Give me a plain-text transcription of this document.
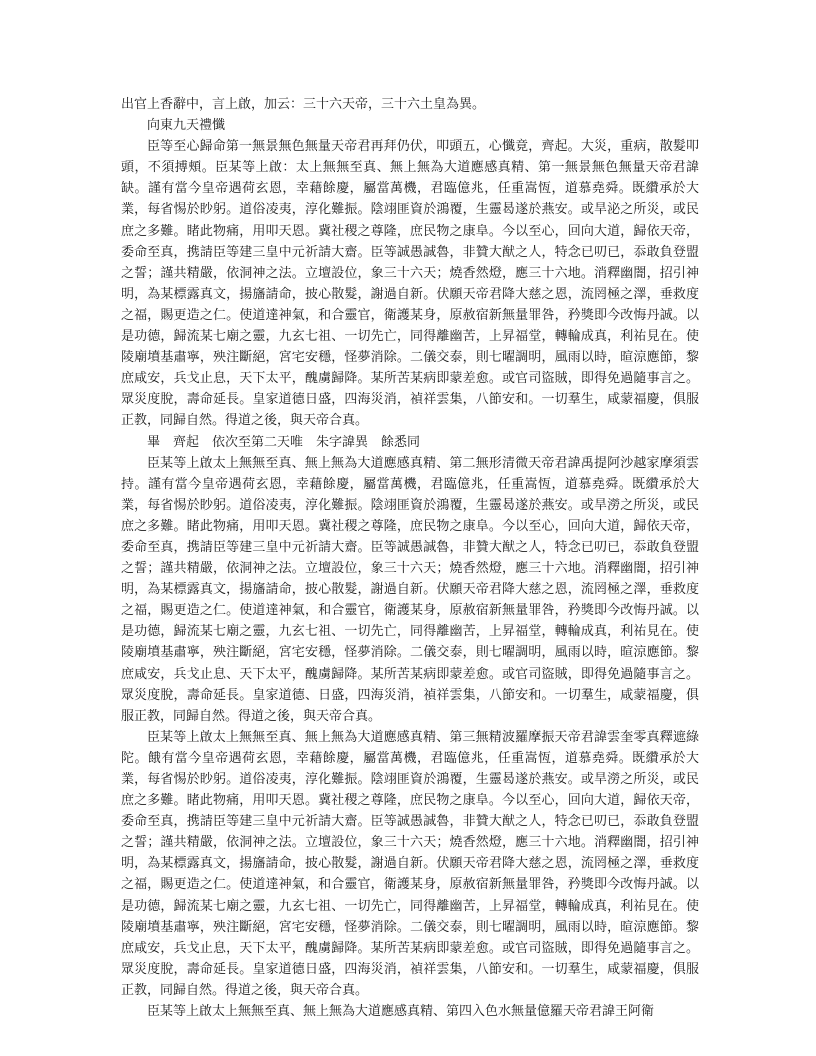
出官上香辭中，言上啟，加云：三十六天帝，三十六土皇為異。

向東九天禮懺

臣等至心歸命第一無景無色無量天帝君再拜仍伏，叩頭五，心懺竟，齊起。大災，重病，散髮叩頭，不須搏頰。臣某等上啟：太上無無至真、無上無為大道應感真精、第一無景無色無量天帝君諱缺。謹有當今皇帝遇荷玄恩，幸藉餘慶，屬當萬機，君臨億兆，任重嵩恆，道慕堯舜。既纘承於大業，每省惕於眇躬。道俗凌夷，淳化難振。陰翊匪資於鴻覆，生靈曷遂於燕安。或旱泌之所災，或民庶之多難。睹此物痛，用叩天恩。冀社稷之尊隆，庶民物之康阜。今以至心，回向大道，歸依天帝，委命至真，携請臣等建三皇中元祈請大齋。臣等誠愚誠魯，非贊大猷之人，特念已叨已，忝敢負登盟之誓；謹共精嚴，依洞神之法。立壇設位，象三十六天；燒香然燈，應三十六地。消釋幽闇，招引神明，為某標露真文，揚旛請命，披心散髮，謝過自新。伏願天帝君降大慈之恩，流罔極之澤，垂救度之福，賜更造之仁。使道達神氣，和合靈官，衛護某身，原赦宿新無量罪咎，矜獎即今改悔丹誠。以是功德，歸流某七廟之靈，九玄七祖、一切先亡，同得離幽苦，上昇福堂，轉輪成真，利祐見在。使陵廟墳基肅寧，殃注斷絕，宮宅安穩，怪夢消除。二儀交泰，則七曜調明，風雨以時，暄涼應節，黎庶咸安，兵戈止息，天下太平，醜虜歸降。某所苦某病即蒙差愈。或官司盜賊，即得免過隨事言之。眾災度脫，壽命延長。皇家道德日盛，四海災消，禎祥雲集，八節安和。一切羣生，咸蒙福慶，俱服正教，同歸自然。得道之後，與天帝合真。

畢　齊起　依次至第二天唯　朱字諱異　餘悉同

臣某等上啟太上無無至真、無上無為大道應感真精、第二無形清微天帝君諱禹提阿沙越家摩須雲持。謹有當今皇帝遇荷玄恩，幸藉餘慶，屬當萬機，君臨億兆，任重嵩恆，道慕堯舜。既纘承於大業，每省惕於眇躬。道俗凌夷，淳化難振。陰翊匪資於鴻覆，生靈曷遂於燕安。或旱澇之所災，或民庶之多難。睹此物痛，用叩天恩。冀社稷之尊隆，庶民物之康阜。今以至心，回向大道，歸依天帝，委命至真，携請臣等建三皇中元祈請大齋。臣等誠愚誠魯，非贊大猷之人，特念已叨已，忝敢負登盟之誓；謹共精嚴，依洞神之法。立壇設位，象三十六天；燒香然燈，應三十六地。消釋幽闇，招引神明，為某標露真文，揚旛請命，披心散髮，謝過自新。伏願天帝君降大慈之恩，流罔極之澤，垂救度之福，賜更造之仁。使道達神氣，和合靈官，衛護某身，原赦宿新無量罪咎，矜獎即今改悔丹誠。以是功德，歸流某七廟之靈，九玄七祖、一切先亡，同得離幽苦，上昇福堂，轉輪成真，利祐見在。使陵廟墳基肅寧，殃注斷絕，宮宅安穩，怪夢消除。二儀交泰，則七曜調明，風雨以時，暄涼應節。黎庶咸安，兵戈止息、天下太平，醜虜歸降。某所苦某病即蒙差愈。或官司盜賊，即得免過隨事言之。眾災度脫，壽命延長。皇家道德、日盛，四海災消，禎祥雲集，八節安和。一切羣生，咸蒙福慶，俱服正教，同歸自然。得道之後，與天帝合真。

臣某等上啟太上無無至真、無上無為大道應感真精、第三無精波羅摩振天帝君諱雲奎零真釋遮綠陀。餓有當今皇帝遇荷玄恩，幸藉餘慶，屬當萬機，君臨億兆，任重嵩恆，道慕堯舜。既纘承於大業，每省惕於眇躬。道俗凌夷，淳化難振。陰翊匪資於鴻覆，生靈曷遂於燕安。或旱澇之所災，或民庶之多難。睹此物痛，用叩天恩。冀社稷之尊隆，庶民物之康阜。今以至心，回向大道，歸依天帝，委命至真，携請臣等建三皇中元祈請大齋。臣等誠愚誠魯，非贊大猷之人，特念已叨已，忝敢負登盟之誓；謹共精嚴，依洞神之法。立壇設位，象三十六天；燒香然燈，應三十六地。消釋幽闇，招引神明，為某標露真文，揚旛請命，披心散髮，謝過自新。伏願天帝君降大慈之恩，流罔極之澤，垂救度之福，賜更造之仁。使道達神氣，和合靈官，衛護某身，原赦宿新無量罪咎，矜獎即今改悔丹誠。以是功德，歸流某七廟之靈，九玄七祖、一切先亡，同得離幽苦，上昇福堂，轉輪成真，利祐見在。使陵廟墳基肅寧，殃注斷絕，宮宅安穩，怪夢消除。二儀交泰，則七曜調明，風雨以時，暄涼應節。黎庶咸安，兵戈止息，天下太平，醜虜歸降。某所苦某病即蒙差愈。或官司盜賊，即得免過隨事言之。眾災度脫，壽命延長。皇家道德日盛，四海災消，禎祥雲集，八節安和。一切羣生，咸蒙福慶，俱服正教，同歸自然。得道之後，與天帝合真。

臣某等上啟太上無無至真、無上無為大道應感真精、第四入色水無量億羅天帝君諱王阿衛
